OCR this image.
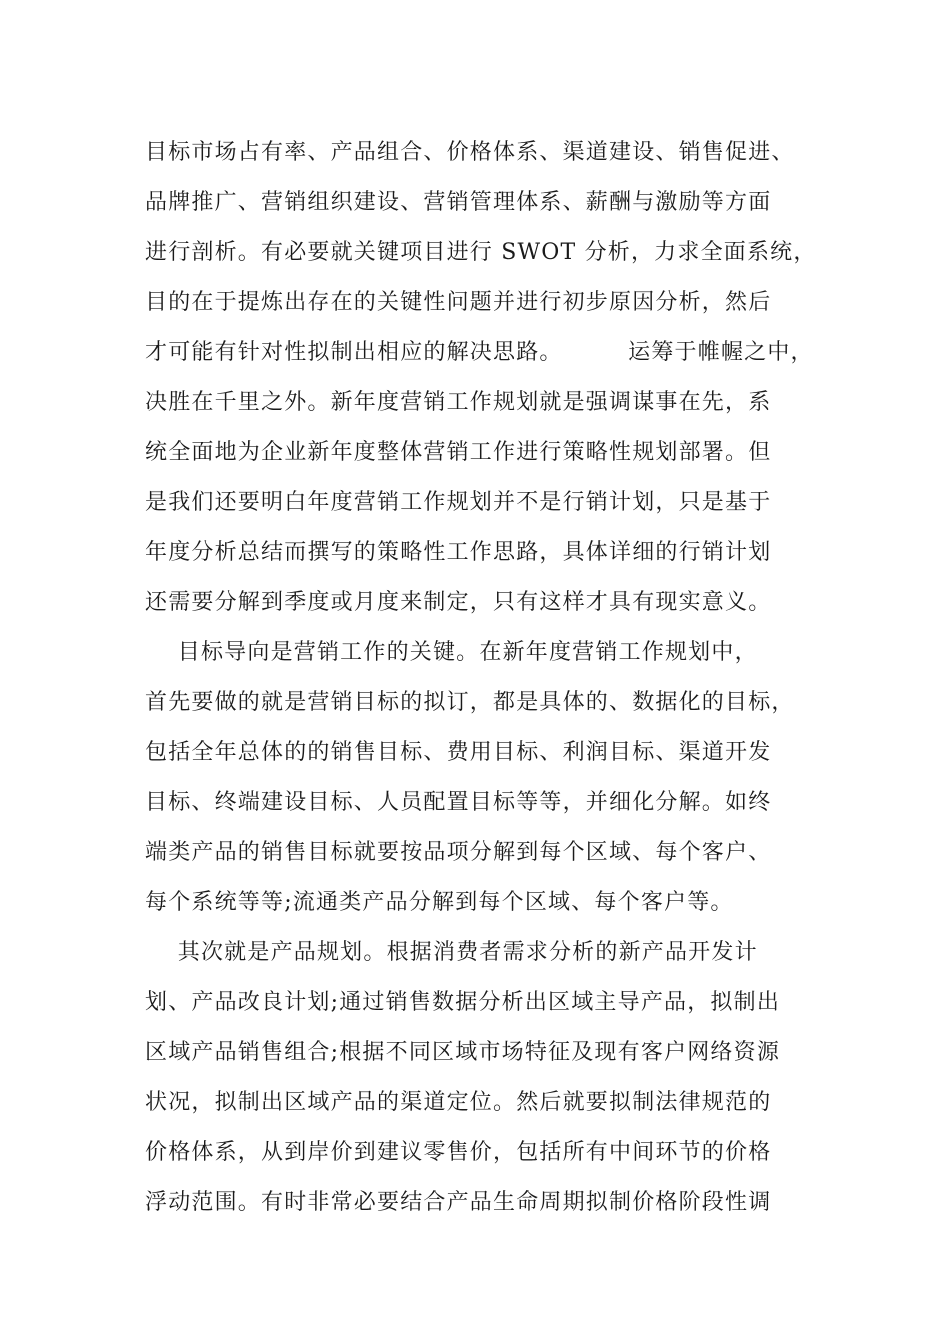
目标市场占有率、产品组合、价格体系、渠道建设、销售促进、
品牌推广、营销组织建设、营销管理体系、薪酬与激励等方面
进行剖析。有必要就关键项目进行 SWOT 分析，力求全面系统，
目的在于提炼出存在的关键性问题并进行初步原因分析，然后
才可能有针对性拟制出相应的解决思路。        运筹于帷幄之中，
决胜在千里之外。新年度营销工作规划就是强调谋事在先，系
统全面地为企业新年度整体营销工作进行策略性规划部署。但
是我们还要明白年度营销工作规划并不是行销计划，只是基于
年度分析总结而撰写的策略性工作思路，具体详细的行销计划
还需要分解到季度或月度来制定，只有这样才具有现实意义。
目标导向是营销工作的关键。在新年度营销工作规划中，
首先要做的就是营销目标的拟订，都是具体的、数据化的目标，
包括全年总体的的销售目标、费用目标、利润目标、渠道开发
目标、终端建设目标、人员配置目标等等，并细化分解。如终
端类产品的销售目标就要按品项分解到每个区域、每个客户、
每个系统等等;流通类产品分解到每个区域、每个客户等。
其次就是产品规划。根据消费者需求分析的新产品开发计
划、产品改良计划;通过销售数据分析出区域主导产品，拟制出
区域产品销售组合;根据不同区域市场特征及现有客户网络资源
状况，拟制出区域产品的渠道定位。然后就要拟制法律规范的
价格体系，从到岸价到建议零售价，包括所有中间环节的价格
浮动范围。有时非常必要结合产品生命周期拟制价格阶段性调
